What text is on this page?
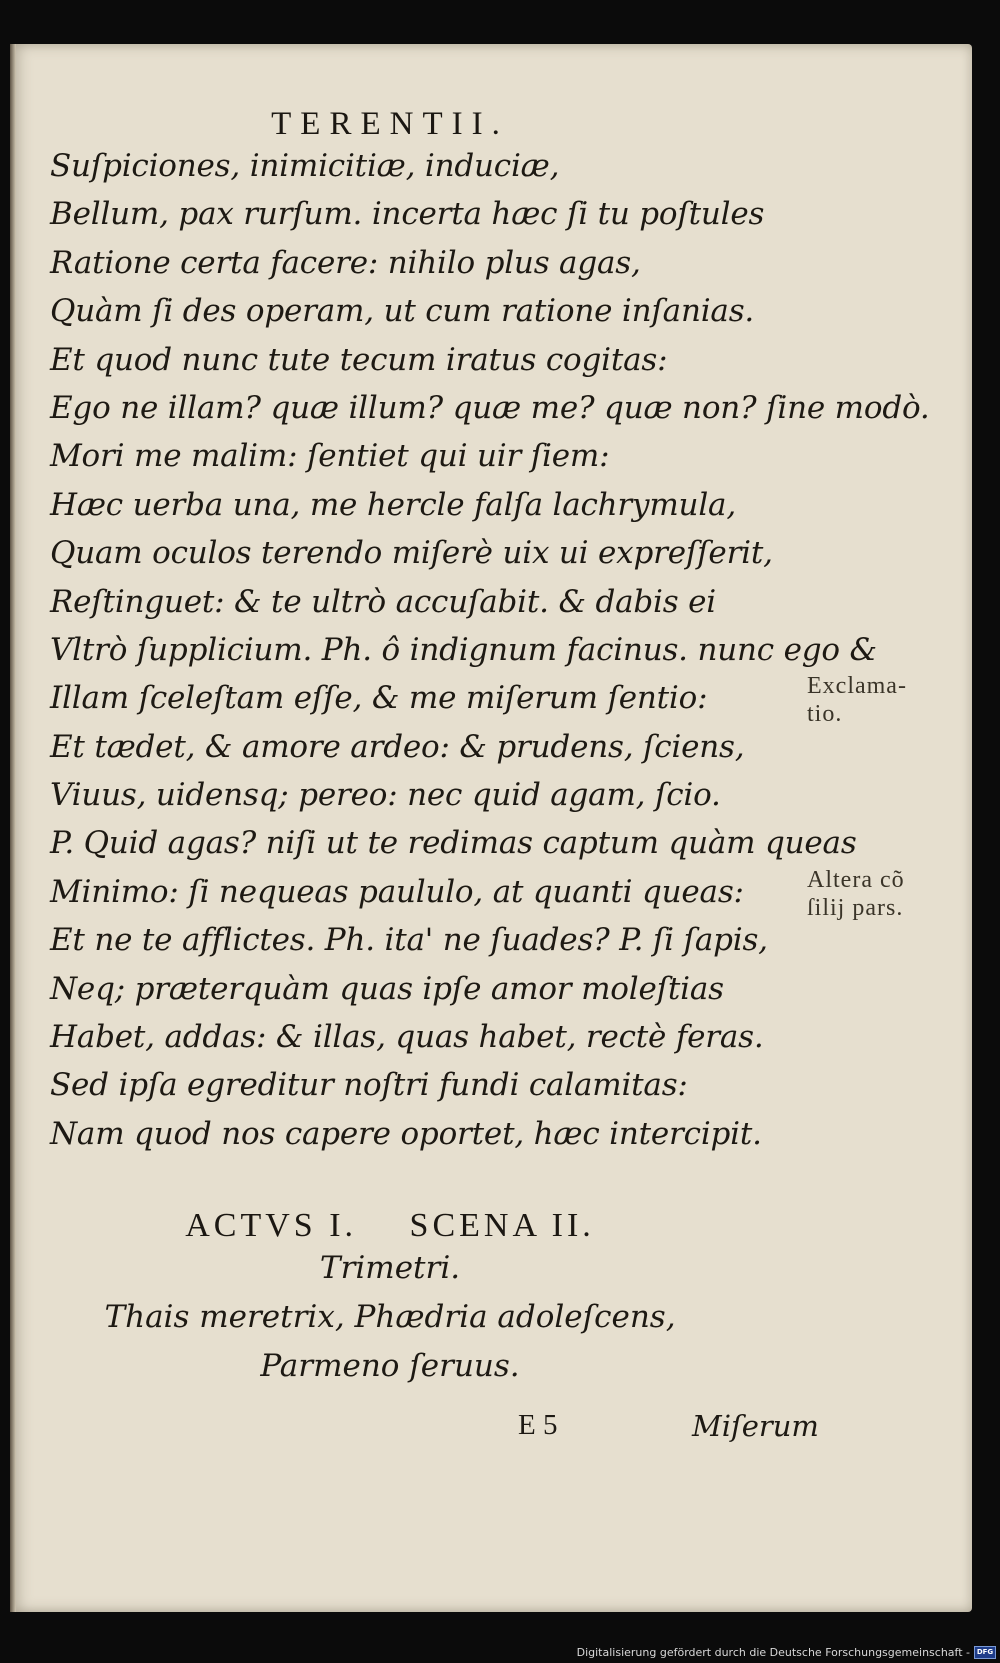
TERENTII.
Suſpiciones, inimicitiæ, induciæ,
Bellum, pax rurſum. incerta hæc ſi tu poſtules
Ratione certa facere: nihilo plus agas,
Quàm ſi des operam, ut cum ratione inſanias.
Et quod nunc tute tecum iratus cogitas:
Ego ne illam? quæ illum? quæ me? quæ non? ſine modò.
Mori me malim: ſentiet qui uir ſiem:
Hæc uerba una, me hercle falſa lachrymula,
Quam oculos terendo miſerè uix ui expreſſerit,
Reſtinguet: & te ultrò accuſabit. & dabis ei
Vltrò ſupplicium. Ph. ô indignum facinus. nunc ego &
Illam ſceleſtam eſſe, & me miſerum ſentio:
Et tædet, & amore ardeo: & prudens, ſciens,
Viuus, uidensq; pereo: nec quid agam, ſcio.
P. Quid agas? niſi ut te redimas captum quàm queas
Minimo: ſi nequeas paululo, at quanti queas:
Et ne te afflictes. Ph. ita' ne ſuades? P. ſi ſapis,
Neq; præterquàm quas ipſe amor moleſtias
Habet, addas: & illas, quas habet, rectè feras.
Sed ipſa egreditur noſtri fundi calamitas:
Nam quod nos capere oportet, hæc intercipit.
Exclama-
tio.
Altera cõ
ſilij pars.
ACTVS I. SCENA II.
Trimetri.
Thais meretrix, Phædria adoleſcens,
Parmeno ſeruus.
E 5	Miſerum
Digitalisierung gefördert durch die Deutsche Forschungsgemeinschaft - DFG
